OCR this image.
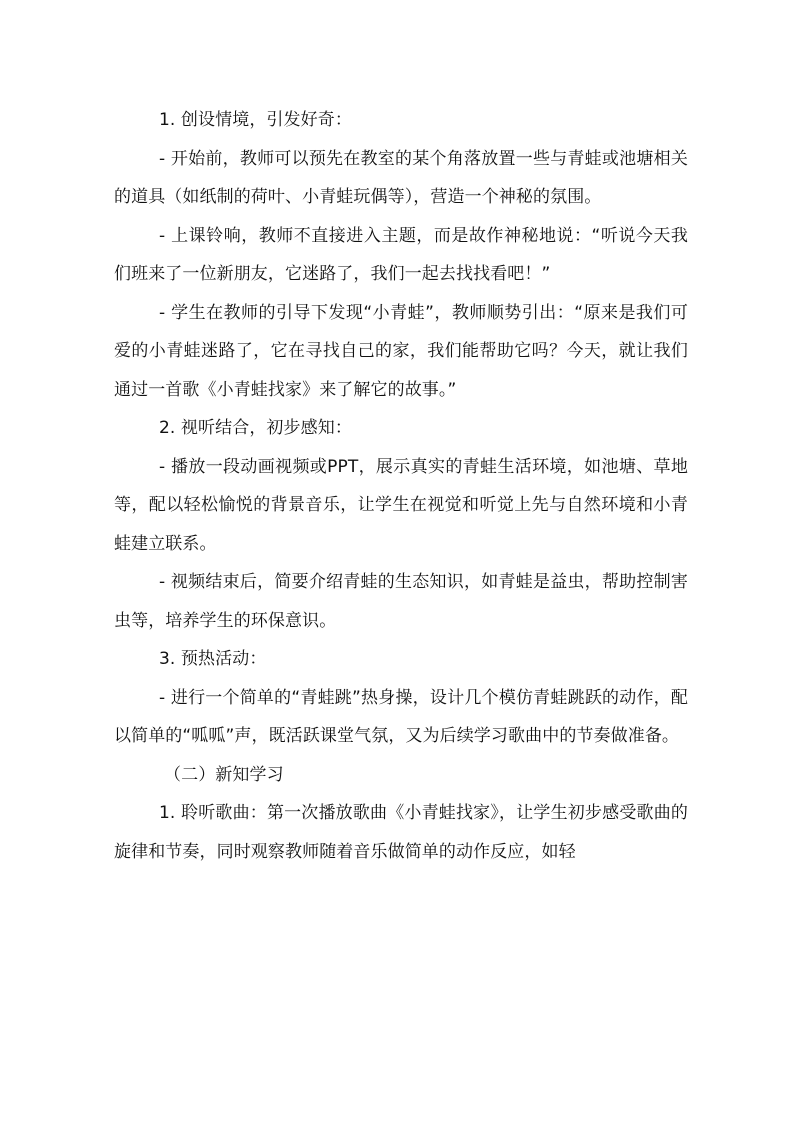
1. 创设情境，引发好奇：

- 开始前，教师可以预先在教室的某个角落放置一些与青蛙或池塘相关的道具（如纸制的荷叶、小青蛙玩偶等），营造一个神秘的氛围。

- 上课铃响，教师不直接进入主题，而是故作神秘地说：“听说今天我们班来了一位新朋友，它迷路了，我们一起去找找看吧！”

- 学生在教师的引导下发现“小青蛙”，教师顺势引出：“原来是我们可爱的小青蛙迷路了，它在寻找自己的家，我们能帮助它吗？今天，就让我们通过一首歌《小青蛙找家》来了解它的故事。”

2. 视听结合，初步感知：

- 播放一段动画视频或PPT，展示真实的青蛙生活环境，如池塘、草地等，配以轻松愉悦的背景音乐，让学生在视觉和听觉上先与自然环境和小青蛙建立联系。

- 视频结束后，简要介绍青蛙的生态知识，如青蛙是益虫，帮助控制害虫等，培养学生的环保意识。

3. 预热活动：

- 进行一个简单的“青蛙跳”热身操，设计几个模仿青蛙跳跃的动作，配以简单的“呱呱”声，既活跃课堂气氛，又为后续学习歌曲中的节奏做准备。

（二）新知学习

1. 聆听歌曲：第一次播放歌曲《小青蛙找家》，让学生初步感受歌曲的旋律和节奏，同时观察教师随着音乐做简单的动作反应，如轻
